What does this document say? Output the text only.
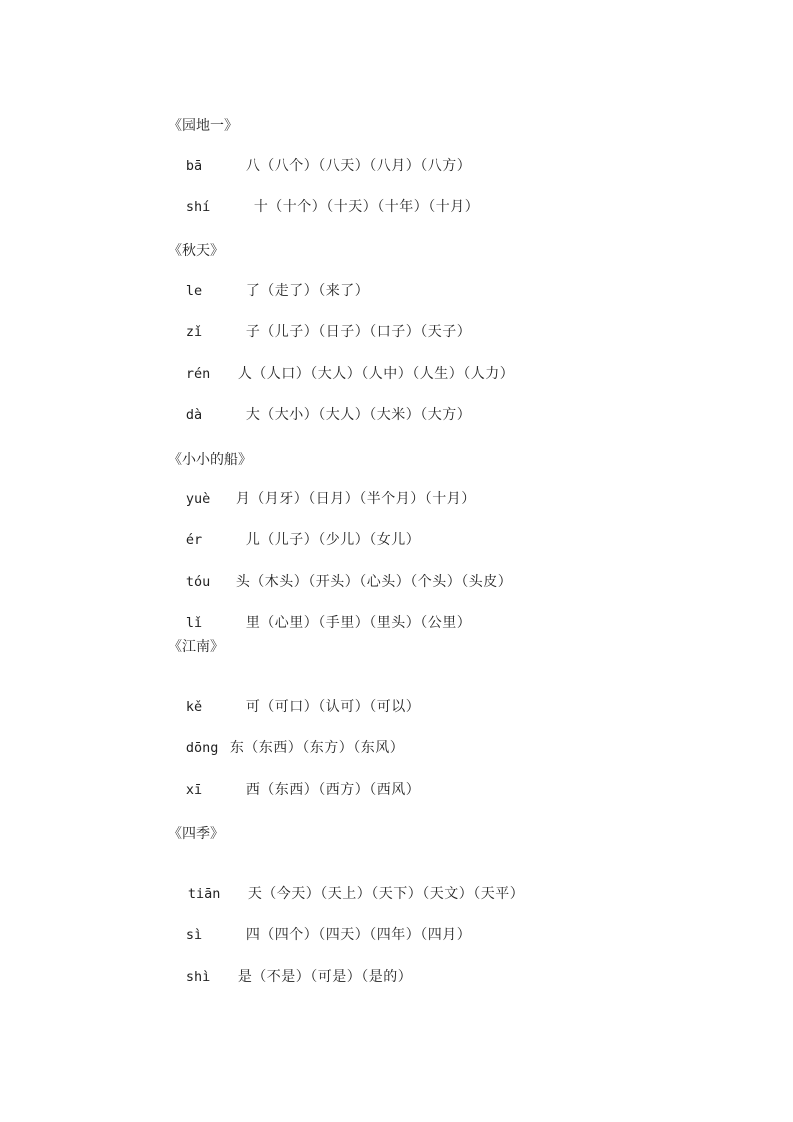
《园地一》

bā	八（八个）（八天）（八月）（八方）

shí	十（十个）（十天）（十年）（十月）

《秋天》

le	了（走了）（来了）

zǐ	子（儿子）（日子）（口子）（天子）

rén 人（人口）（大人）（人中）（人生）（人力）

dà	大（大小）（大人）（大米）（大方）

《小小的船》

yuè 月（月牙）（日月）（半个月）（十月）

ér	儿（儿子）（少儿）（女儿）

tóu 头（木头）（开头）（心头）（个头）（头皮）

lǐ	里（心里）（手里）（里头）（公里）

《江南》

kě	可（可口）（认可）（可以）

dōng 东（东西）（东方）（东风）

xī	西（东西）（西方）（西风）

《四季》

tiān 天（今天）（天上）（天下）（天文）（天平）

sì	四（四个）（四天）（四年）（四月）

shì 是（不是）（可是）（是的）
